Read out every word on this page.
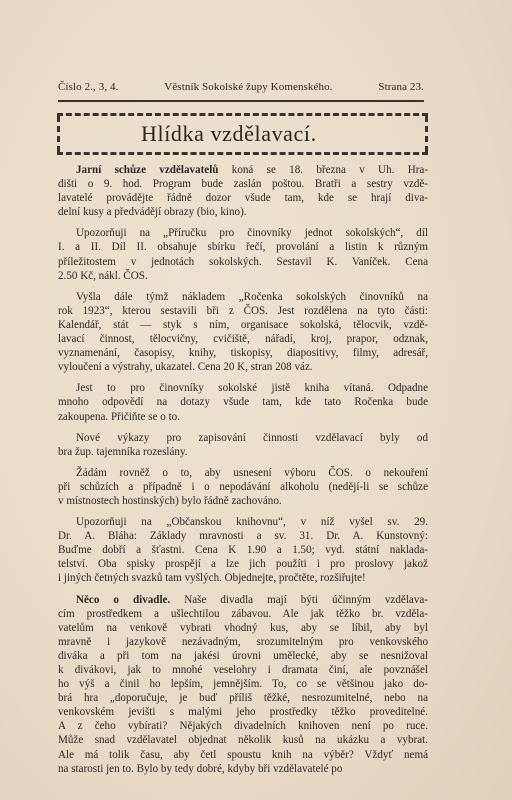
Číslo 2., 3, 4.	Věstník Sokolské župy Komenského.	Strana 23.
Hlídka vzdělavací.

Jarní schůze vzdělavatelů koná se 18. března v Uh. Hra-
dišti o 9. hod. Program bude zaslán poštou. Bratři a sestry vzdě-
lavatelé provádějte řádně dozor všude tam, kde se hrají diva-
delní kusy a předvádějí obrazy (bio, kino).

Upozorňuji na „Příručku pro činovníky jednot sokolských“, díl
I. a II. Díl II. obsahuje sbírku řečí, provolání a listin k různým
příležitostem v jednotách sokolských. Sestavil K. Vaníček. Cena
2.50 Kč, nákl. ČOS.

Vyšla dále týmž nákladem „Ročenka sokolských činovníků na
rok 1923“, kterou sestavili bři z ČOS. Jest rozdělena na tyto části:
Kalendář, stát — styk s ním, organisace sokolská, tělocvik, vzdě-
lavací činnost, tělocvičny, cvičiště, nářadí, kroj, prapor, odznak,
vyznamenání, časopisy, knihy, tiskopisy, diapositivy, filmy, adresář,
vyloučení a výstrahy, ukazatel. Cena 20 K, stran 208 váz.

Jest to pro činovníky sokolské jistě kniha vítaná. Odpadne
mnoho odpovědí na dotazy všude tam, kde tato Ročenka bude
zakoupena. Přičiňte se o to.

Nové výkazy pro zapisování činnosti vzdělavací byly od
bra žup. tajemníka rozeslány.

Žádám rovněž o to, aby usnesení výboru ČOS. o nekouření
při schůzích a případně i o nepodávání alkoholu (nedějí-li se schůze
v místnostech hostinských) bylo řádně zachováno.

Upozorňuji na „Občanskou knihovnu“, v níž vyšel sv. 29.
Dr. A. Bláha: Základy mravnosti a sv. 31. Dr. A. Kunstovný:
Buďme dobří a šťastni. Cena K 1.90 a 1.50; vyd. státní naklada-
telství. Oba spisky prospějí a lze jich použíti i pro proslovy jakož
i jiných četných svazků tam vyšlých. Objednejte, pročtěte, rozšiřujte!

Něco o divadle. Naše divadla mají býti účinným vzdělava-
cím prostředkem a ušlechtilou zábavou. Ale jak těžko br. vzděla-
vatelům na venkově vybrati vhodný kus, aby se líbil, aby byl
mravně i jazykově nezávadným, srozumitelným pro venkovského
diváka a při tom na jakési úrovni umělecké, aby se nesnižoval
k divákovi, jak to mnohé veselohry i dramata činí, ale povznášel
ho výš a činil ho lepším, jemnějším. To, co se většinou jako do-
brá hra „doporučuje, je buď příliš těžké, nesrozumitelné, nebo na
venkovském jevišti s malými jeho prostředky těžko proveditelné.
A z čeho vybírati? Nějakých divadelních knihoven není po ruce.
Může snad vzdělavatel objednat několik kusů na ukázku a vybrat.
Ale má tolik času, aby četl spoustu knih na výběr? Vždyť nemá
na starosti jen to. Bylo by tedy dobré, kdyby bři vzdělavatelé po
